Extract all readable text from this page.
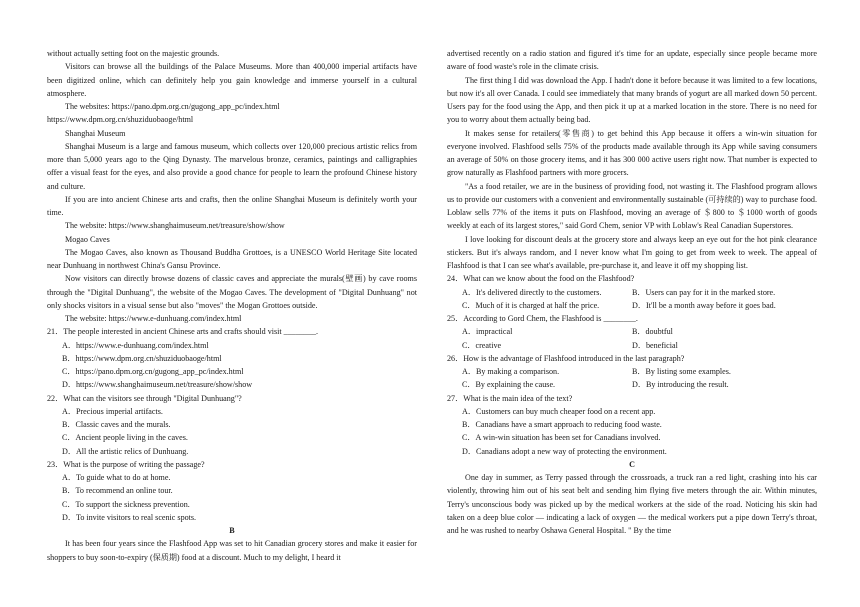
without actually setting foot on the majestic grounds.

Visitors can browse all the buildings of the Palace Museums. More than 400,000 imperial artifacts have been digitized online, which can definitely help you gain knowledge and immerse yourself in a cultural atmosphere.

The websites: https://pano.dpm.org.cn/gugong_app_pc/index.html
https://www.dpm.org.cn/shuziduobaoge/html
Shanghai Museum

Shanghai Museum is a large and famous museum, which collects over 120,000 precious artistic relics from more than 5,000 years ago to the Qing Dynasty. The marvelous bronze, ceramics, paintings and calligraphies offer a visual feast for the eyes, and also provide a good chance for people to learn the profound Chinese history and culture.

If you are into ancient Chinese arts and crafts, then the online Shanghai Museum is definitely worth your time.

The website: https://www.shanghaimuseum.net/treasure/show/show
Mogao Caves

The Mogao Caves, also known as Thousand Buddha Grottoes, is a UNESCO World Heritage Site located near Dunhuang in northwest China's Gansu Province.

Now visitors can directly browse dozens of classic caves and appreciate the murals(壁画) by cave rooms through the "Digital Dunhuang", the website of the Mogao Caves. The development of "Digital Dunhuang" not only shocks visitors in a visual sense but also "moves" the Mogan Grottoes outside.

The website: https://www.e-dunhuang.com/index.html
21．The people interested in ancient Chinese arts and crafts should visit ________.
A．https://www.e-dunhuang.com/index.html
B．https://www.dpm.org.cn/shuziduobaoge/html
C．https://pano.dpm.org.cn/gugong_app_pc/index.html
D．https://www.shanghaimuseum.net/treasure/show/show
22．What can the visitors see through "Digital Dunhuang"?
A．Precious imperial artifacts.
B．Classic caves and the murals.
C．Ancient people living in the caves.
D．All the artistic relics of Dunhuang.
23．What is the purpose of writing the passage?
A．To guide what to do at home.
B．To recommend an online tour.
C．To support the sickness prevention.
D．To invite visitors to real scenic spots.
B

It has been four years since the Flashfood App was set to hit Canadian grocery stores and make it easier for shoppers to buy soon-to-expiry (保质期) food at a discount. Much to my delight, I heard it

advertised recently on a radio station and figured it's time for an update, especially since people became more aware of food waste's role in the climate crisis.

The first thing I did was download the App. I hadn't done it before because it was limited to a few locations, but now it's all over Canada. I could see immediately that many brands of yogurt are all marked down 50 percent. Users pay for the food using the App, and then pick it up at a marked location in the store. There is no need for you to worry about them actually being bad.

It makes sense for retailers(零售商) to get behind this App because it offers a win-win situation for everyone involved. Flashfood sells 75% of the products made available through its App while saving consumers an average of 50% on those grocery items, and it has 300 000 active users right now. That number is expected to grow naturally as Flashfood partners with more grocers.

"As a food retailer, we are in the business of providing food, not wasting it. The Flashfood program allows us to provide our customers with a convenient and environmentally sustainable (可持续的) way to purchase food. Loblaw sells 77% of the items it puts on Flashfood, moving an average of ＄800 to ＄1000 worth of goods weekly at each of its largest stores," said Gord Chem, senior VP with Loblaw's Real Canadian Superstores.

I love looking for discount deals at the grocery store and always keep an eye out for the hot pink clearance stickers. But it's always random, and I never know what I'm going to get from week to week. The appeal of Flashfood is that I can see what's available, pre-purchase it, and leave it off my shopping list.

24．What can we know about the food on the Flashfood?
A．It's delivered directly to the customers.	B．Users can pay for it in the marked store.
C．Much of it is charged at half the price.	D．It'll be a month away before it goes bad.
25．According to Gord Chem, the Flashfood is ________.
A．impractical	B．doubtful
C．creative	D．beneficial
26．How is the advantage of Flashfood introduced in the last paragraph?
A．By making a comparison.	B．By listing some examples.
C．By explaining the cause.	D．By introducing the result.
27．What is the main idea of the text?
A．Customers can buy much cheaper food on a recent app.
B．Canadians have a smart approach to reducing food waste.
C．A win-win situation has been set for Canadians involved.
D．Canadians adopt a new way of protecting the environment.
C

One day in summer, as Terry passed through the crossroads, a truck ran a red light, crashing into his car violently, throwing him out of his seat belt and sending him flying five meters through the air. Within minutes, Terry's unconscious body was picked up by the medical workers at the side of the road. Noticing his skin had taken on a deep blue color — indicating a lack of oxygen — the medical workers put a pipe down Terry's throat, and he was rushed to nearby Oshawa General Hospital. " By the time
